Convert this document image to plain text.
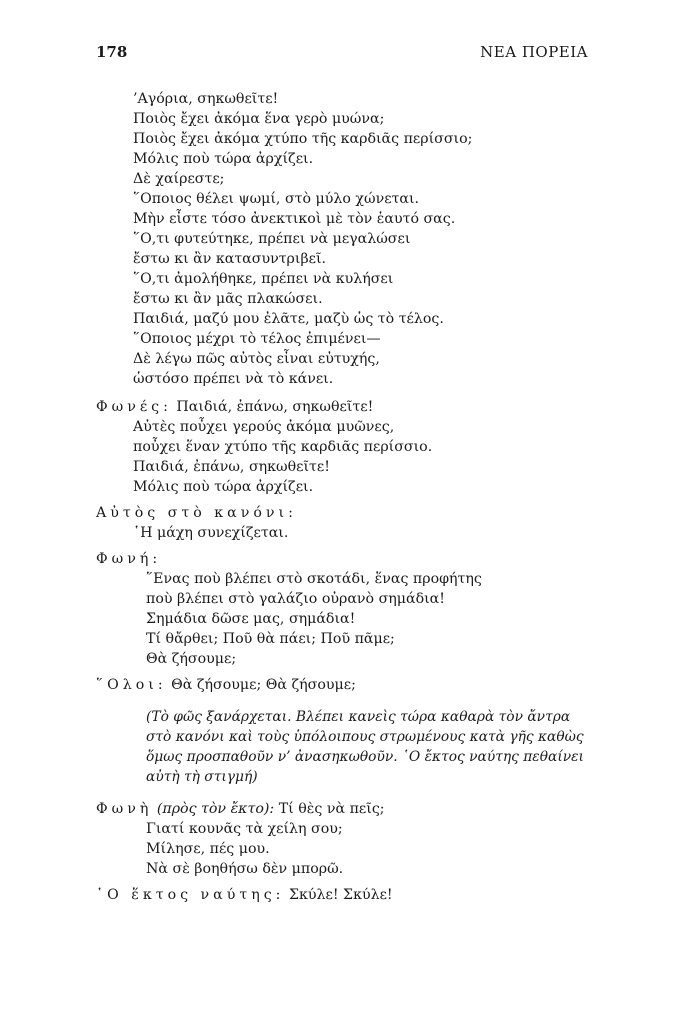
178	ΝΕΑ ΠΟΡΕΙΑ
’Αγόρια, σηκωθεῖτε!
Ποιὸς ἔχει ἀκόμα ἕνα γερὸ μυώνα;
Ποιὸς ἔχει ἀκόμα χτύπο τῆς καρδιᾶς περίσσιο;
Μόλις ποὺ τώρα ἀρχίζει.
Δὲ χαίρεστε;
῞Οποιος θέλει ψωμί, στὸ μύλο χώνεται.
Μὴν εἶστε τόσο ἀνεκτικοὶ μὲ τὸν ἑαυτό σας.
῞Ο,τι φυτεύτηκε, πρέπει νὰ μεγαλώσει
ἔστω κι ἂν κατασυντριβεῖ.
῞Ο,τι ἀμολήθηκε, πρέπει νὰ κυλήσει
ἔστω κι ἂν μᾶς πλακώσει.
Παιδιά, μαζύ μου ἐλᾶτε, μαζὺ ὡς τὸ τέλος.
῞Οποιος μέχρι τὸ τέλος ἐπιμένει—
Δὲ λέγω πῶς αὐτὸς εἶναι εὐτυχής,
ὡστόσο πρέπει νὰ τὸ κάνει.
Φωνές: Παιδιά, ἐπάνω, σηκωθεῖτε!
Αὐτὲς ποὖχει γερούς ἀκόμα μυῶνες,
ποὖχει ἕναν χτύπο τῆς καρδιᾶς περίσσιο.
Παιδιά, ἐπάνω, σηκωθεῖτε!
Μόλις ποὺ τώρα ἀρχίζει.
Αὐτὸς στὸ κανόνι:
῾Η μάχη συνεχίζεται.
Φωνή:
῞Ενας ποὺ βλέπει στὸ σκοτάδι, ἕνας προφήτης
ποὺ βλέπει στὸ γαλάζιο οὐρανὸ σημάδια!
Σημάδια δῶσε μας, σημάδια!
Τί θἄρθει; Ποῦ θὰ πάει; Ποῦ πᾶμε;
Θὰ ζήσουμε;
῞Ολοι: Θὰ ζήσουμε; Θὰ ζήσουμε;
(Τὸ φῶς ξανάρχεται. Βλέπει κανεὶς τώρα καθαρὰ τὸν ἄντρα
στὸ κανόνι καὶ τοὺς ὑπόλοιπους στρωμένους κατὰ γῆς καθὼς
ὅμως προσπαθοῦν ν’ ἀνασηκωθοῦν. ῾Ο ἔκτος ναύτης πεθαίνει
αὐτὴ τὴ στιγμή)
Φωνὴ (πρὸς τὸν ἔκτο): Τί θὲς νὰ πεῖς;
Γιατί κουνᾶς τὰ χείλη σου;
Μίλησε, πές μου.
Νὰ σὲ βοηθήσω δὲν μπορῶ.
῾Ο ἕκτος ναύτης: Σκύλε! Σκύλε!
